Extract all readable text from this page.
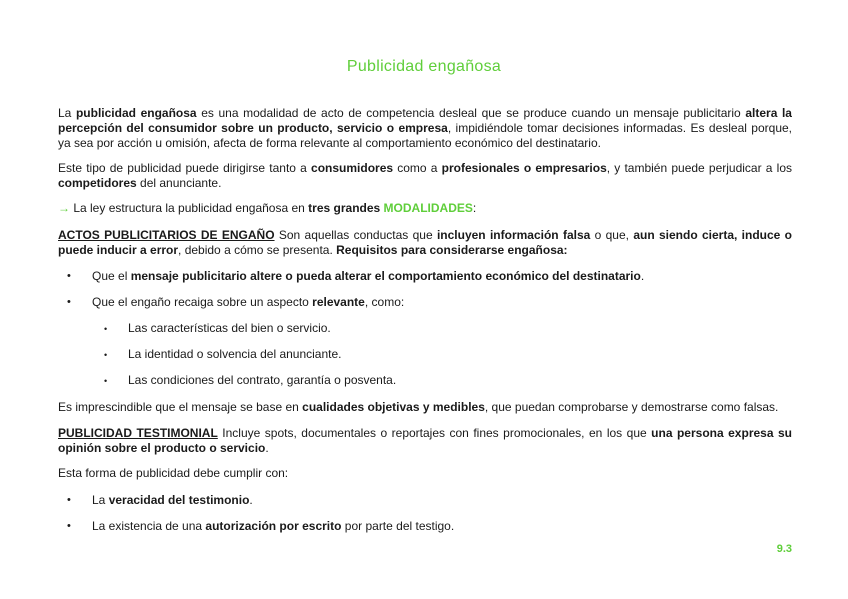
Publicidad engañosa

La publicidad engañosa es una modalidad de acto de competencia desleal que se produce cuando un mensaje publicitario altera la percepción del consumidor sobre un producto, servicio o empresa, impidiéndole tomar decisiones informadas. Es desleal porque, ya sea por acción u omisión, afecta de forma relevante al comportamiento económico del destinatario.

Este tipo de publicidad puede dirigirse tanto a consumidores como a profesionales o empresarios, y también puede perjudicar a los competidores del anunciante.

→ La ley estructura la publicidad engañosa en tres grandes MODALIDADES:

ACTOS PUBLICITARIOS DE ENGAÑO Son aquellas conductas que incluyen información falsa o que, aun siendo cierta, induce o puede inducir a error, debido a cómo se presenta. Requisitos para considerarse engañosa:

• Que el mensaje publicitario altere o pueda alterar el comportamiento económico del destinatario.
• Que el engaño recaiga sobre un aspecto relevante, como:
• Las características del bien o servicio.
• La identidad o solvencia del anunciante.
• Las condiciones del contrato, garantía o posventa.

Es imprescindible que el mensaje se base en cualidades objetivas y medibles, que puedan comprobarse y demostrarse como falsas.

PUBLICIDAD TESTIMONIAL Incluye spots, documentales o reportajes con fines promocionales, en los que una persona expresa su opinión sobre el producto o servicio.

Esta forma de publicidad debe cumplir con:

• La veracidad del testimonio.
• La existencia de una autorización por escrito por parte del testigo.
9.3
